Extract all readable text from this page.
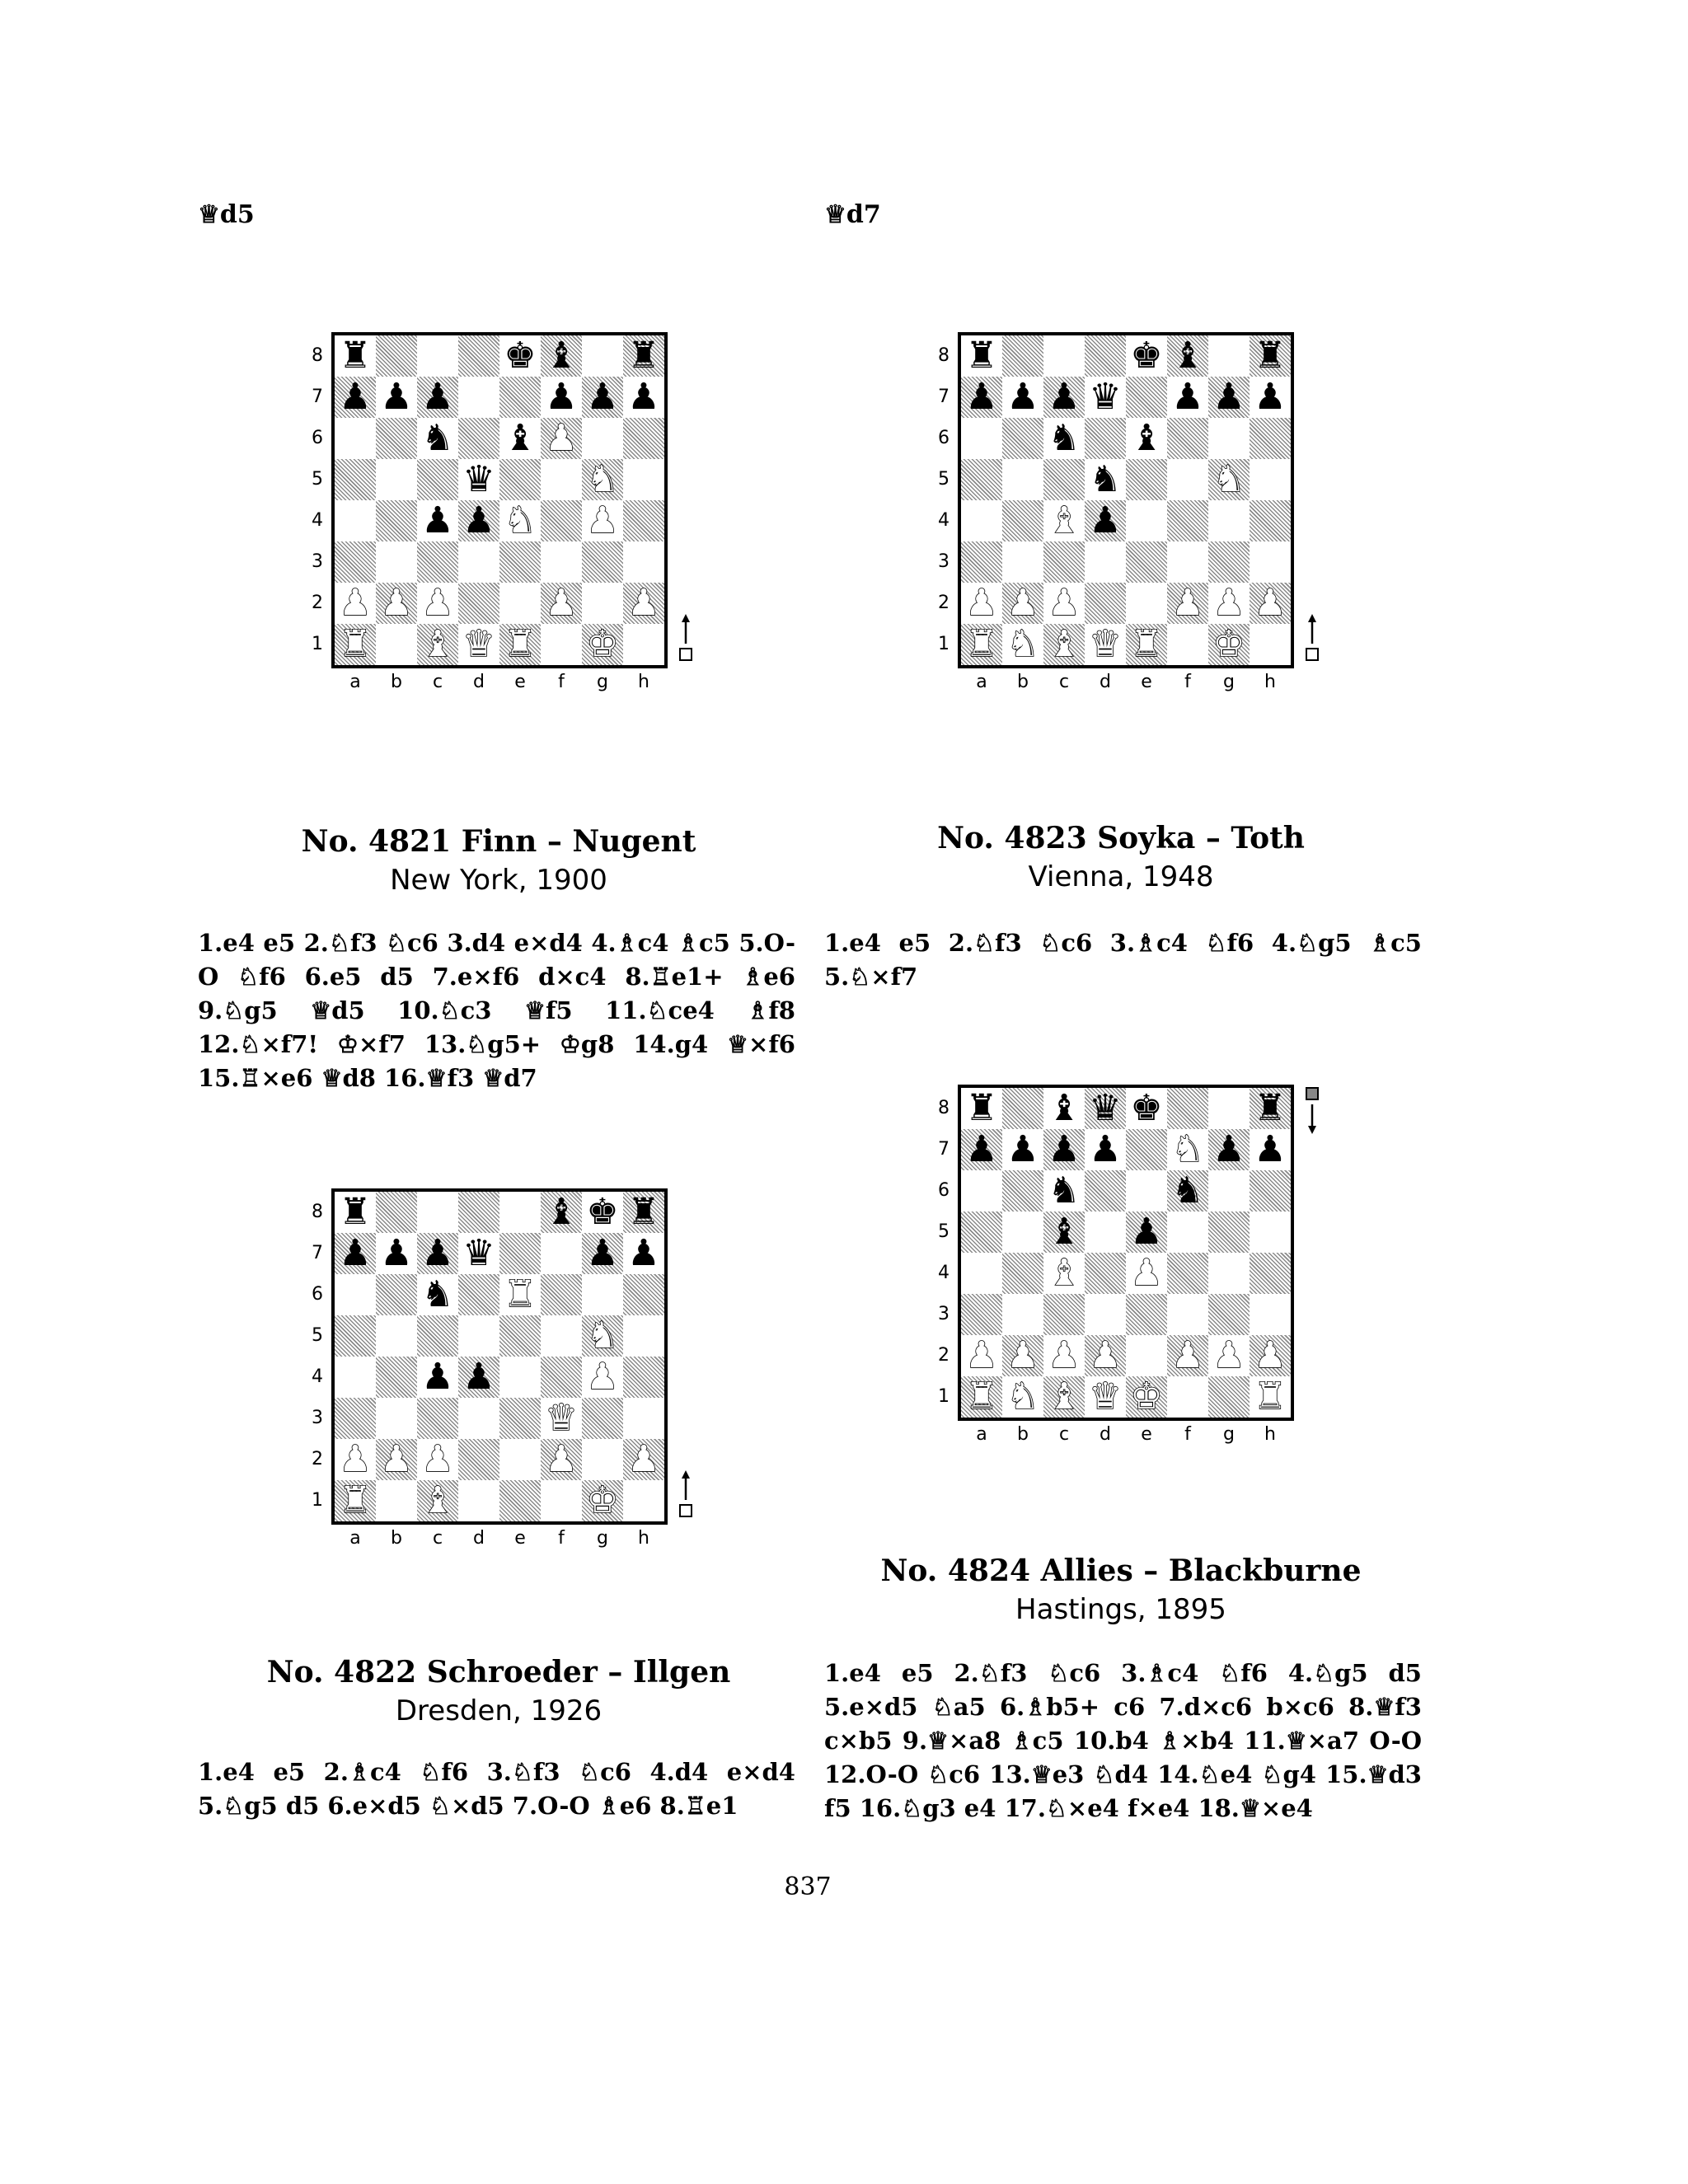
♕d5	♕d7
♜	♚ ♝ ♜
♟ ♟ ♟	♟ ♟ ♟
♞ ♝ ♟
♛	♞
♟ ♟ ♞ ♟
♟ ♟ ♟	♟ ♟
♜ ♝ ♛ ♜ ♚
No. 4821 Finn – Nugent
New York, 1900
1.e4 e5 2.♘f3 ♘c6 3.d4 e×d4 4.♗c4 ♗c5 5.O-O ♘f6 6.e5 d5 7.e×f6 d×c4 8.♖e1+ ♗e6 9.♘g5 ♕d5 10.♘c3 ♕f5 11.♘ce4 ♗f8 12.♘×f7! ♔×f7 13.♘g5+ ♔g8 14.g4 ♕×f6 15.♖×e6 ♕d8 16.♕f3 ♕d7
♜	♝ ♚ ♜
♟ ♟ ♟ ♛	♟ ♟
♞ ♜
♞
♟ ♟	♟
♛
♟ ♟ ♟	♟ ♟
♜ ♝	♚
No. 4822 Schroeder – Illgen
Dresden, 1926
1.e4 e5 2.♗c4 ♘f6 3.♘f3 ♘c6 4.d4 e×d4 5.♘g5 d5 6.e×d5 ♘×d5 7.O-O ♗e6 8.♖e1
♜	♚ ♝ ♜
♟ ♟ ♟ ♛ ♟ ♟ ♟
♞ ♝
♞	♞
♝ ♟
♟ ♟ ♟	♟ ♟ ♟
♜ ♞ ♝ ♛ ♜ ♚
No. 4823 Soyka – Toth
Vienna, 1948
1.e4 e5 2.♘f3 ♘c6 3.♗c4 ♘f6 4.♘g5 ♗c5 5.♘×f7
♜ ♝ ♛ ♚	♜
♟ ♟ ♟ ♟ ♞ ♟ ♟
♞	♞
♝ ♟
♝ ♟
♟ ♟ ♟ ♟ ♟ ♟ ♟
♜ ♞ ♝ ♛ ♚	♜
No. 4824 Allies – Blackburne
Hastings, 1895
1.e4 e5 2.♘f3 ♘c6 3.♗c4 ♘f6 4.♘g5 d5 5.e×d5 ♘a5 6.♗b5+ c6 7.d×c6 b×c6 8.♕f3 c×b5 9.♕×a8 ♗c5 10.b4 ♗×b4 11.♕×a7 O-O 12.O-O ♘c6 13.♕e3 ♘d4 14.♘e4 ♘g4 15.♕d3 f5 16.♘g3 e4 17.♘×e4 f×e4 18.♕×e4
837
8
7
6
5
4
3
2
1
a	b	c	d	e	f	g	h
8
7
6
5
4
3
2
1
a	b	c	d	e	f	g	h
8
7
6
5
4
3
2
1
a	b	c	d	e	f	g	h
8
7
6
5
4
3
2
1
a	b	c	d	e	f	g	h
